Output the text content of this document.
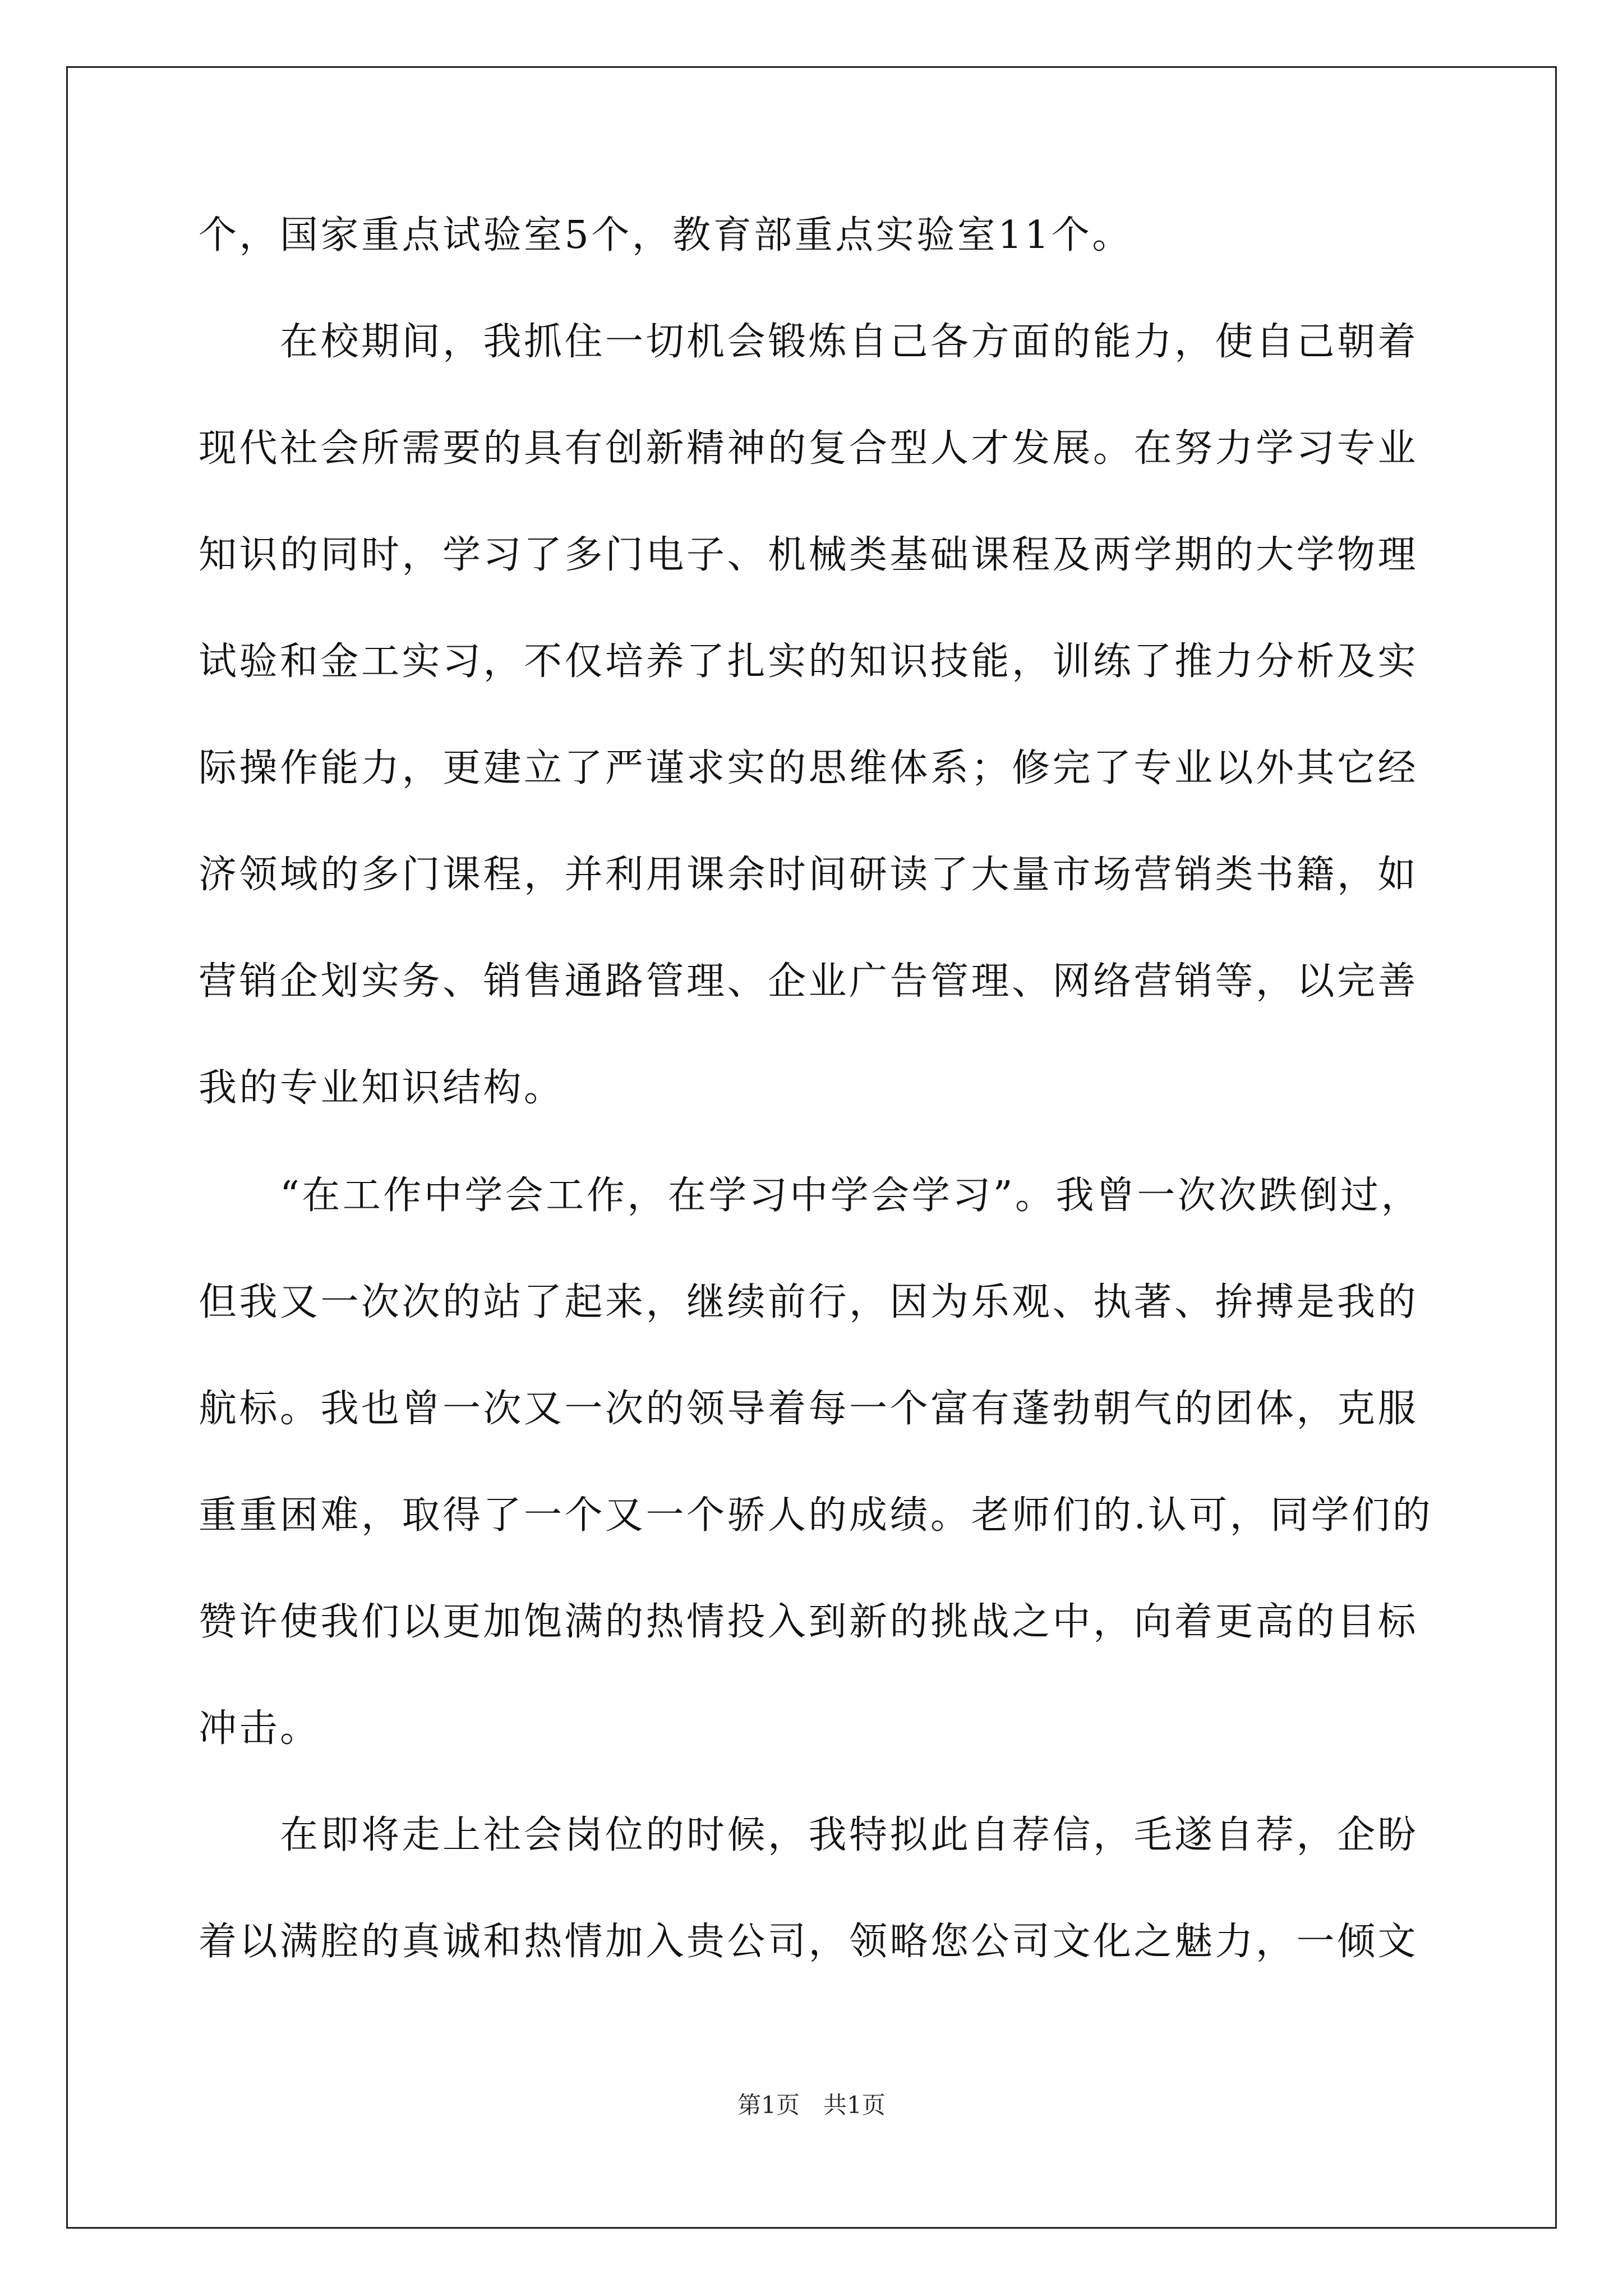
个，国家重点试验室5个，教育部重点实验室11个。
　　在校期间，我抓住一切机会锻炼自己各方面的能力，使自己朝着
现代社会所需要的具有创新精神的复合型人才发展。在努力学习专业
知识的同时，学习了多门电子、机械类基础课程及两学期的大学物理
试验和金工实习，不仅培养了扎实的知识技能，训练了推力分析及实
际操作能力，更建立了严谨求实的思维体系；修完了专业以外其它经
济领域的多门课程，并利用课余时间研读了大量市场营销类书籍，如
营销企划实务、销售通路管理、企业广告管理、网络营销等，以完善
我的专业知识结构。
　　“在工作中学会工作，在学习中学会学习”。我曾一次次跌倒过，
但我又一次次的站了起来，继续前行，因为乐观、执著、拚搏是我的
航标。我也曾一次又一次的领导着每一个富有蓬勃朝气的团体，克服
重重困难，取得了一个又一个骄人的成绩。老师们的.认可，同学们的
赞许使我们以更加饱满的热情投入到新的挑战之中，向着更高的目标
冲击。
　　在即将走上社会岗位的时候，我特拟此自荐信，毛遂自荐，企盼
着以满腔的真诚和热情加入贵公司，领略您公司文化之魅力，一倾文
第1页　共1页
